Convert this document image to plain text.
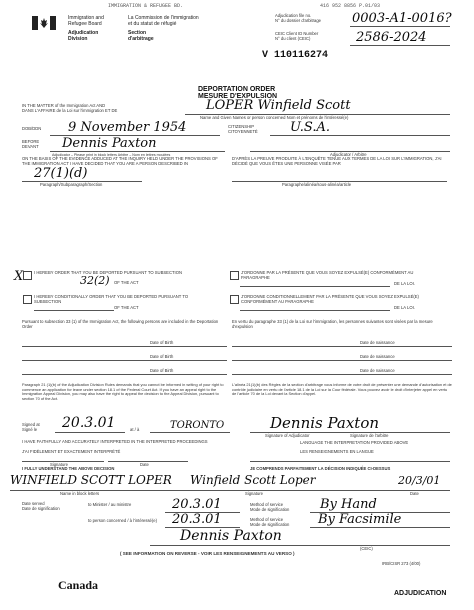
IMMIGRATION & REFUGEE BD.	416 952 8856 P.01/03
Immigration and
Refugee Board
La Commission de l'immigration
et du statut de réfugié
Adjudication
Division
Section
d'arbitrage
Adjudication file no.
N° du dossier d'arbitrage 0003-A1-0016?
CEIC Client ID Number
N° du client (CEIC)	2586-2024
V 110116274
DEPORTATION ORDER
MESURE D'EXPULSION
IN THE MATTER of the Immigration Act AND
DANS L'AFFAIRE de la Loi sur l'immigration ET DE	LOPER Winfield Scott
Name and Given Names or person concerned Nom et prénoms de l'intéressé(e)
DOB/DDN 9 November 1954	CITIZENSHIP
CITOYENNETÉ U.S.A.
BEFORE
DEVANT Dennis Paxton
Adjudicator – Please print in block letters Arbitre – Nom en lettres moulées	Adjudicator / Arbitre
ON THE BASIS OF THE EVIDENCE ADDUCED AT THE INQUIRY HELD UNDER THE PROVISIONS OF THE IMMIGRATION ACT I HAVE DECIDED THAT YOU ARE A PERSON DESCRIBED IN
D'APRÈS LA PREUVE PRODUITE À L'ENQUÊTE TENUE AUX TERMES DE LA LOI SUR L'IMMIGRATION, J'AI DÉCIDÉ QUE VOUS ÊTES UNE PERSONNE VISÉE PAR
27(1)(d)
Paragraph/Subparagraph/Section	Paragraphe/alinéa/sous-alinéa/article
X	I HEREBY ORDER THAT YOU BE DEPORTED PURSUANT TO SUBSECTION
32(2) OF THE ACT
J'ORDONNE PAR LA PRÉSENTE QUE VOUS SOYEZ EXPULSÉ(E) CONFORMÉMENT AU PARAGRAPHE
DE LA LOI.
I HEREBY CONDITIONALLY ORDER THAT YOU BE DEPORTED PURSUANT TO SUBSECTION
OF THE ACT
J'ORDONNE CONDITIONNELLEMENT PAR LA PRÉSENTE QUE VOUS SOYEZ EXPULSÉ(E) CONFORMÉMENT AU PARAGRAPHE
DE LA LOI.
Pursuant to subsection 33 (1) of the Immigration Act, the following persons are included in the Deportation Order
En vertu du paragraphe 33 (1) de la Loi sur l'immigration, les personnes suivantes sont visées par la mesure d'expulsion
Date of Birth	Date de naissance
Date of Birth	Date de naissance
Date of Birth	Date de naissance
Paragraph 21 (1)(b) of the Adjudication Division Rules demands that you cannot be informed in writing of your right to commence an application for leave under section 18.1 of the Federal Court Act. If you have an appeal right to the Immigration Appeal Division, you may also have the right to appeal the decision to the Appeal Division, pursuant to section 70 of the Act.
L'alinéa 21(1)(b) des Règles de la section d'arbitrage vous informe de votre droit de présenter une demande d'autorisation et de contrôle judiciaire en vertu de l'article 18.1 de la Loi sur la Cour fédérale. Vous pouvez avoir le droit d'interjeter appel en vertu de l'article 70 de la Loi devant la Section d'appel.
Signed at
Signé le 20.3.01	at / à	TORONTO	Dennis Paxton
Signature of Adjudicator	Signature de l'arbitre
I HAVE FAITHFULLY AND ACCURATELY INTERPRETED IN THE INTERPRETED PROCEEDINGS
J'AI FIDÈLEMENT ET EXACTEMENT INTERPRÉTÉ
Signature	Date
LANGUAGE THE INTERPRETATION PROVIDED ABOVE
LES RENSEIGNEMENTS EN LANGUE
I FULLY UNDERSTAND THE ABOVE DECISION	JE COMPRENDS PARFAITEMENT LA DÉCISION INDIQUÉE CI-DESSUS
WINFIELD SCOTT LOPER Winfield Scott Loper	20/3/01
Name in block letters	Signature	Date
Date served
Date de signification
to Minister / au ministre	20.3.01
to person concerned / à l'intéressé(e) 20.3.01
Method of service
Mode de signification By Hand
Method of service
Mode de signification By Facsimile
Dennis Paxton
(CEIC)
( SEE INFORMATION ON REVERSE - VOIR LES RENSEIGNEMENTS AU VERSO )
IRB/CISR 273 (4/00)
Canada
ADJUDICATION
